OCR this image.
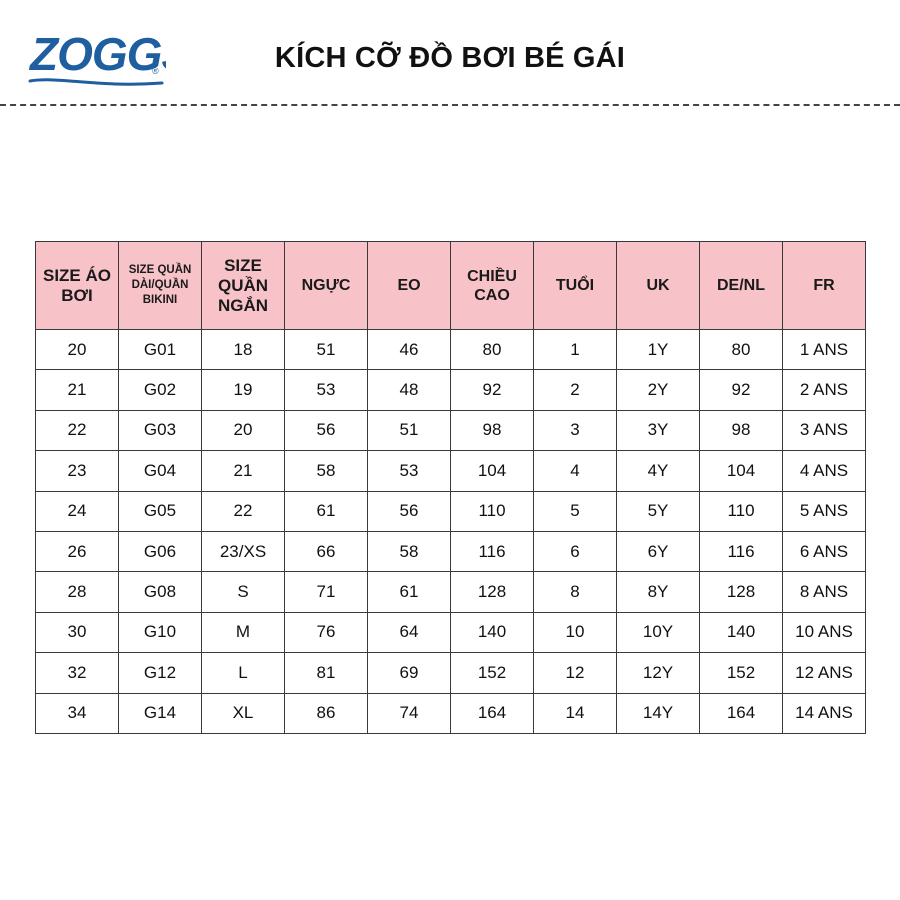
ZOGG
®	KÍCH CỠ ĐỒ BƠI BÉ GÁI
SIZE ÁO BƠI	SIZE QUẦN DÀI/QUẦN BIKINI	SIZE QUẦN NGẮN	NGỰC	EO	CHIỀU CAO	TUỔI	UK	DE/NL	FR
20	G01	18	51	46	80	1	1Y	80	1 ANS
21	G02	19	53	48	92	2	2Y	92	2 ANS
22	G03	20	56	51	98	3	3Y	98	3 ANS
23	G04	21	58	53	104	4	4Y	104	4 ANS
24	G05	22	61	56	110	5	5Y	110	5 ANS
26	G06	23/XS	66	58	116	6	6Y	116	6 ANS
28	G08	S	71	61	128	8	8Y	128	8 ANS
30	G10	M	76	64	140	10	10Y	140	10 ANS
32	G12	L	81	69	152	12	12Y	152	12 ANS
34	G14	XL	86	74	164	14	14Y	164	14 ANS
